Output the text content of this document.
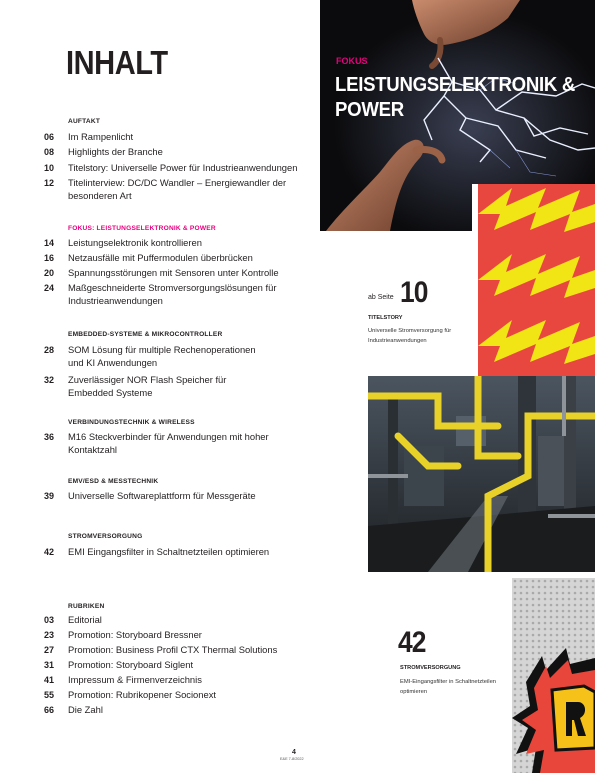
INHALT
AUFTAKT
06	Im Rampenlicht
08	Highlights der Branche
10	Titelstory: Universelle Power für Industrieanwendungen
12	Titelinterview: DC/DC Wandler – Energiewandler der besonderen Art
FOKUS: LEISTUNGSELEKTRONIK & POWER
14	Leistungselektronik kontrollieren
16	Netzausfälle mit Puffermodulen überbrücken
20	Spannungsstörungen mit Sensoren unter Kontrolle
24	Maßgeschneiderte Stromversorgungslösungen für Industrieanwendungen
EMBEDDED-SYSTEME & MIKROCONTROLLER
28	SOM Lösung für multiple Rechenoperationen und KI Anwendungen
32	Zuverlässiger NOR Flash Speicher für Embedded Systeme
VERBINDUNGSTECHNIK & WIRELESS
36	M16 Steckverbinder für Anwendungen mit hoher Kontaktzahl
EMV/ESD & MESSTECHNIK
39	Universelle Softwareplattform für Messgeräte
STROMVERSORGUNG
42	EMI Eingangsfilter in Schaltnetzteilen optimieren
RUBRIKEN
03	Editorial
23	Promotion: Storyboard Bressner
27	Promotion: Business Profil CTX Thermal Solutions
31	Promotion: Storyboard Siglent
41	Impressum & Firmenverzeichnis
55	Promotion: Rubrikopener Socionext
66	Die Zahl
FOKUS
LEISTUNGSELEKTRONIK &
POWER
ab Seite 10
TITELSTORY
Universelle Stromversorgung für
Industrieanwendungen
42
STROMVERSORGUNG
EMI-Eingangsfilter in Schaltnetzteilen
optimieren
4
E&E 7-8/2022
